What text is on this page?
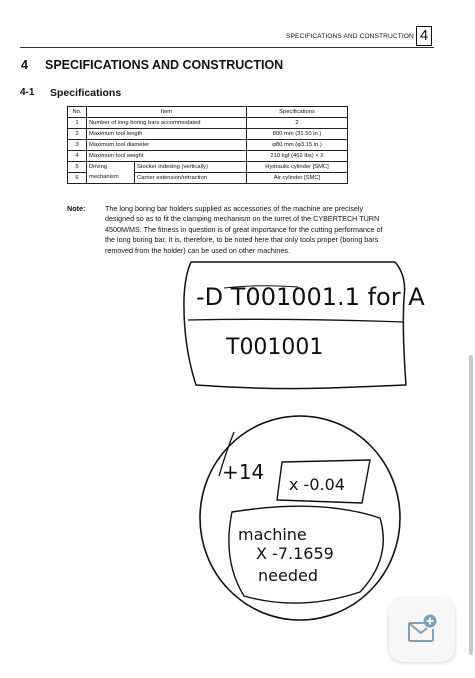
SPECIFICATIONS AND CONSTRUCTION 4
4 SPECIFICATIONS AND CONSTRUCTION
4-1 Specifications
No.	Item		Specifications
1	Number of long boring bars accommodated		2
2	Maximum tool length		800 mm (31.50 in.)
3	Maximum tool diameter		φ80 mm (φ3.15 in.)
4	Maximum tool weight		210 kgf (462 lbs) × 2
5	Driving	Stocker indexing (vertically)	Hydraulic cylinder [SMC]
6	mechanism	Carrier extension/retraction	Air cylinder [SMC]
Note:	The long boring bar holders supplied as accessories of the machine are precisely
designed so as to fit the clamping mechanism on the turret of the CYBERTECH TURN
4500M/MS. The fitness in question is of great importance for the cutting performance of
the long boring bar. It is, therefore, to be noted here that only tools proper (boring bars
removed from the holder) can be used on other machines.
-D T001001.1 for A
T001001
+14
x -0.04
machine
X -7.1659
needed
